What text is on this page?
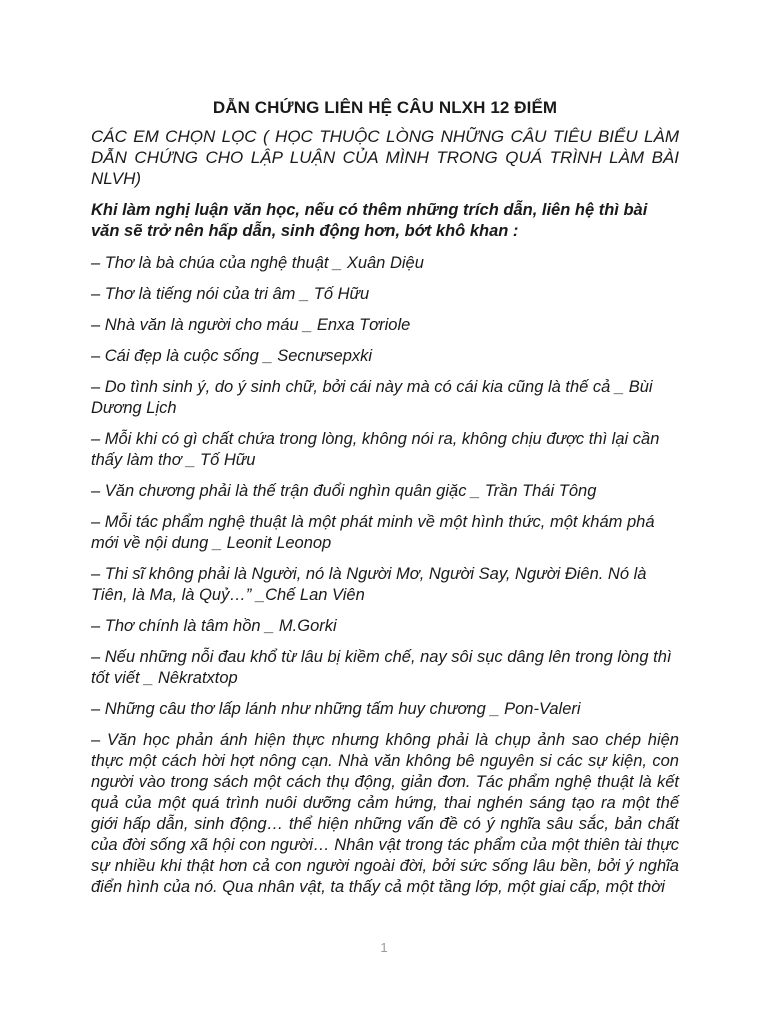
DẪN CHỨNG LIÊN HỆ CÂU NLXH 12 ĐIỂM
CÁC EM CHỌN LỌC ( HỌC THUỘC LÒNG NHỮNG CÂU TIÊU BIỂU LÀM DẪN CHỨNG CHO LẬP LUẬN CỦA MÌNH TRONG QUÁ TRÌNH LÀM BÀI NLVH)
Khi làm nghị luận văn học, nếu có thêm những trích dẫn, liên hệ thì bài văn sẽ trở nên hấp dẫn, sinh động hơn, bớt khô khan :
– Thơ là bà chúa của nghệ thuật _ Xuân Diệu
– Thơ là tiếng nói của tri âm _ Tố Hữu
– Nhà văn là người cho máu _ Enxa Tơriole
– Cái đẹp là cuộc sống _ Secnưsepxki
– Do tình sinh ý, do ý sinh chữ, bởi cái này mà có cái kia cũng là thế cả _ Bùi Dương Lịch
– Mỗi khi có gì chất chứa trong lòng, không nói ra, không chịu được thì lại cần thấy làm thơ _ Tố Hữu
– Văn chương phải là thế trận đuổi nghìn quân giặc _ Trần Thái Tông
– Mỗi tác phẩm nghệ thuật là một phát minh về một hình thức, một khám phá mới về nội dung _ Leonit Leonop
– Thi sĩ không phải là Người, nó là Người Mơ, Người Say, Người Điên. Nó là Tiên, là Ma, là Quỷ…” _Chế Lan Viên
– Thơ chính là tâm hồn _ M.Gorki
– Nếu những nỗi đau khổ từ lâu bị kiềm chế, nay sôi sục dâng lên trong lòng thì tốt viết _ Nêkratxtop
– Những câu thơ lấp lánh như những tấm huy chương _ Pon-Valeri
– Văn học phản ánh hiện thực nhưng không phải là chụp ảnh sao chép hiện thực một cách hời hợt nông cạn. Nhà văn không bê nguyên si các sự kiện, con người vào trong sách một cách thụ động, giản đơn. Tác phẩm nghệ thuật là kết quả của một quá trình nuôi dưỡng cảm hứng, thai nghén sáng tạo ra một thế giới hấp dẫn, sinh động… thể hiện những vấn đề có ý nghĩa sâu sắc, bản chất của đời sống xã hội con người… Nhân vật trong tác phẩm của một thiên tài thực sự nhiều khi thật hơn cả con người ngoài đời, bởi sức sống lâu bền, bởi ý nghĩa điển hình của nó. Qua nhân vật, ta thấy cả một tầng lớp, một giai cấp, một thời
1
